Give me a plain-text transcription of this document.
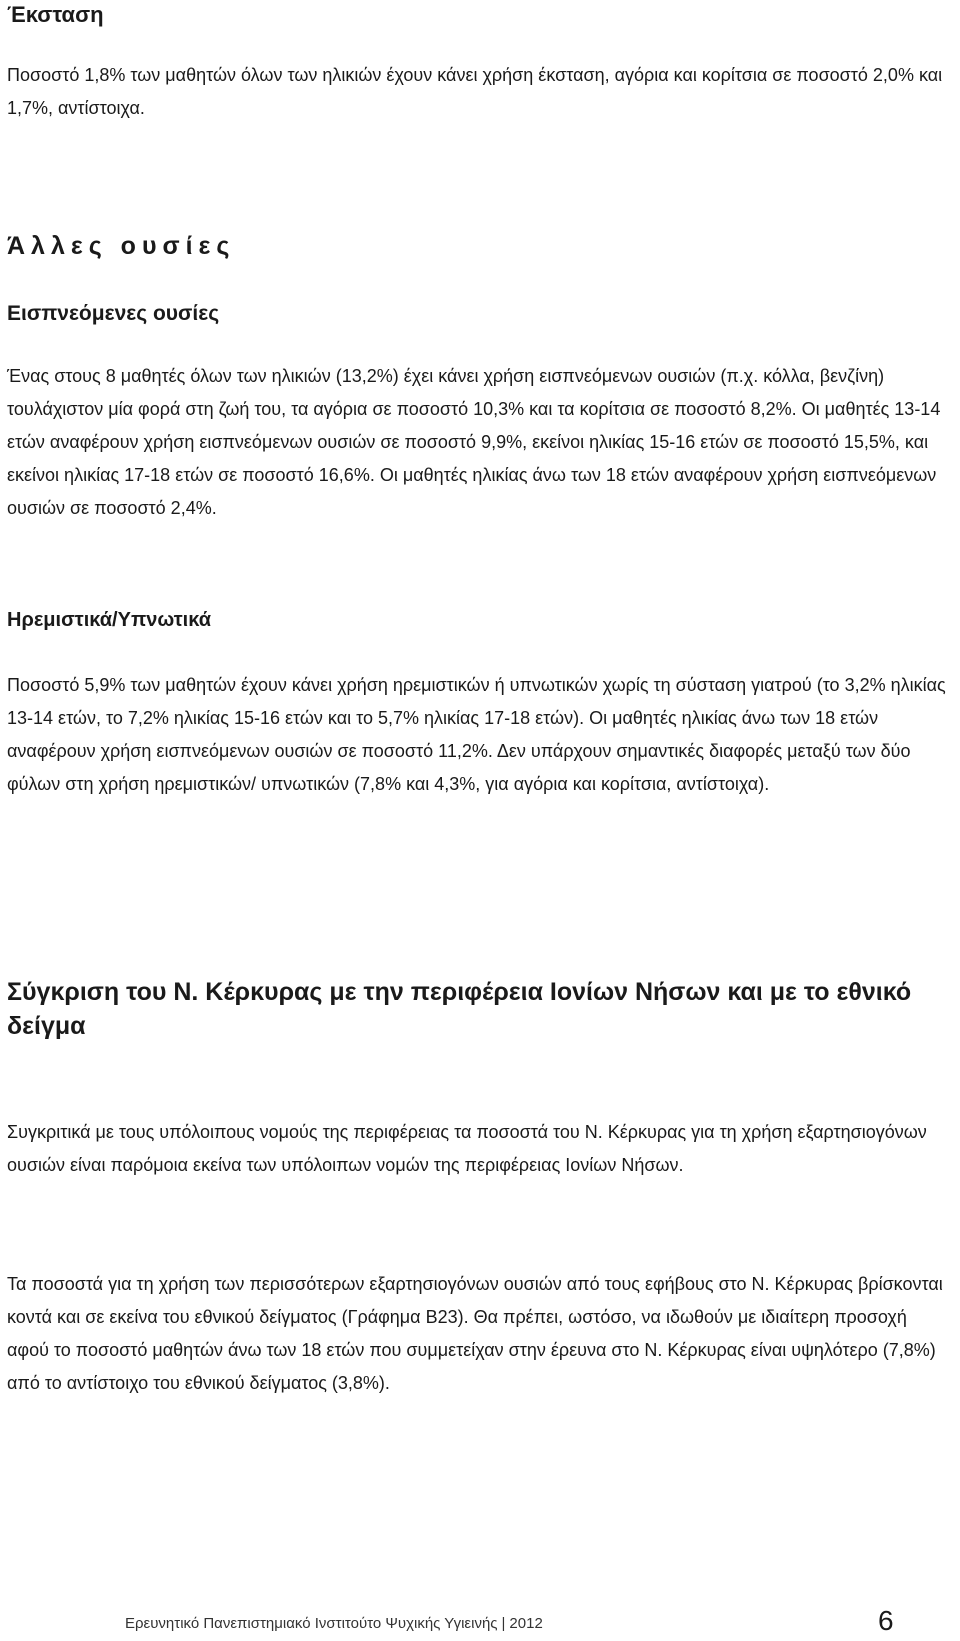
Έκσταση

Ποσοστό 1,8% των μαθητών όλων των ηλικιών έχουν κάνει χρήση έκσταση, αγόρια και κορίτσια σε ποσοστό 2,0% και 1,7%, αντίστοιχα.

Άλλες ουσίες
Εισπνεόμενες ουσίες

Ένας στους 8 μαθητές όλων των ηλικιών (13,2%) έχει κάνει χρήση εισπνεόμενων ουσιών (π.χ. κόλλα, βενζίνη) τουλάχιστον μία φορά στη ζωή του, τα αγόρια σε ποσοστό 10,3% και τα κορίτσια σε ποσοστό 8,2%. Οι μαθητές 13-14 ετών αναφέρουν χρήση εισπνεόμενων ουσιών σε ποσοστό 9,9%, εκείνοι ηλικίας 15-16 ετών σε ποσοστό 15,5%, και εκείνοι ηλικίας 17-18 ετών σε ποσοστό 16,6%. Οι μαθητές ηλικίας άνω των 18 ετών αναφέρουν χρήση εισπνεόμενων ουσιών σε ποσοστό 2,4%.

Ηρεμιστικά/Υπνωτικά

Ποσοστό 5,9% των μαθητών έχουν κάνει χρήση ηρεμιστικών ή υπνωτικών χωρίς τη σύσταση γιατρού (το 3,2% ηλικίας 13-14 ετών, το 7,2% ηλικίας 15-16 ετών και το 5,7% ηλικίας 17-18 ετών). Οι μαθητές ηλικίας άνω των 18 ετών αναφέρουν χρήση εισπνεόμενων ουσιών σε ποσοστό 11,2%. Δεν υπάρχουν σημαντικές διαφορές μεταξύ των δύο φύλων στη χρήση ηρεμιστικών/ υπνωτικών (7,8% και 4,3%, για αγόρια και κορίτσια, αντίστοιχα).

Σύγκριση του Ν. Κέρκυρας με την περιφέρεια Ιονίων Νήσων και με το εθνικό δείγμα

Συγκριτικά με τους υπόλοιπους νομούς της περιφέρειας τα ποσοστά του Ν. Κέρκυρας για τη χρήση εξαρτησιογόνων ουσιών είναι παρόμοια εκείνα των υπόλοιπων νομών της περιφέρειας Ιονίων Νήσων.

Τα ποσοστά για τη χρήση των περισσότερων εξαρτησιογόνων ουσιών από τους εφήβους στο Ν. Κέρκυρας βρίσκονται κοντά και σε εκείνα του εθνικού δείγματος (Γράφημα Β23). Θα πρέπει, ωστόσο, να ιδωθούν με ιδιαίτερη προσοχή αφού το ποσοστό μαθητών άνω των 18 ετών που συμμετείχαν στην έρευνα στο Ν. Κέρκυρας είναι υψηλότερο (7,8%) από το αντίστοιχο του εθνικού δείγματος (3,8%).

Ερευνητικό Πανεπιστημιακό Ινστιτούτο Ψυχικής Υγιεινής | 2012	6
